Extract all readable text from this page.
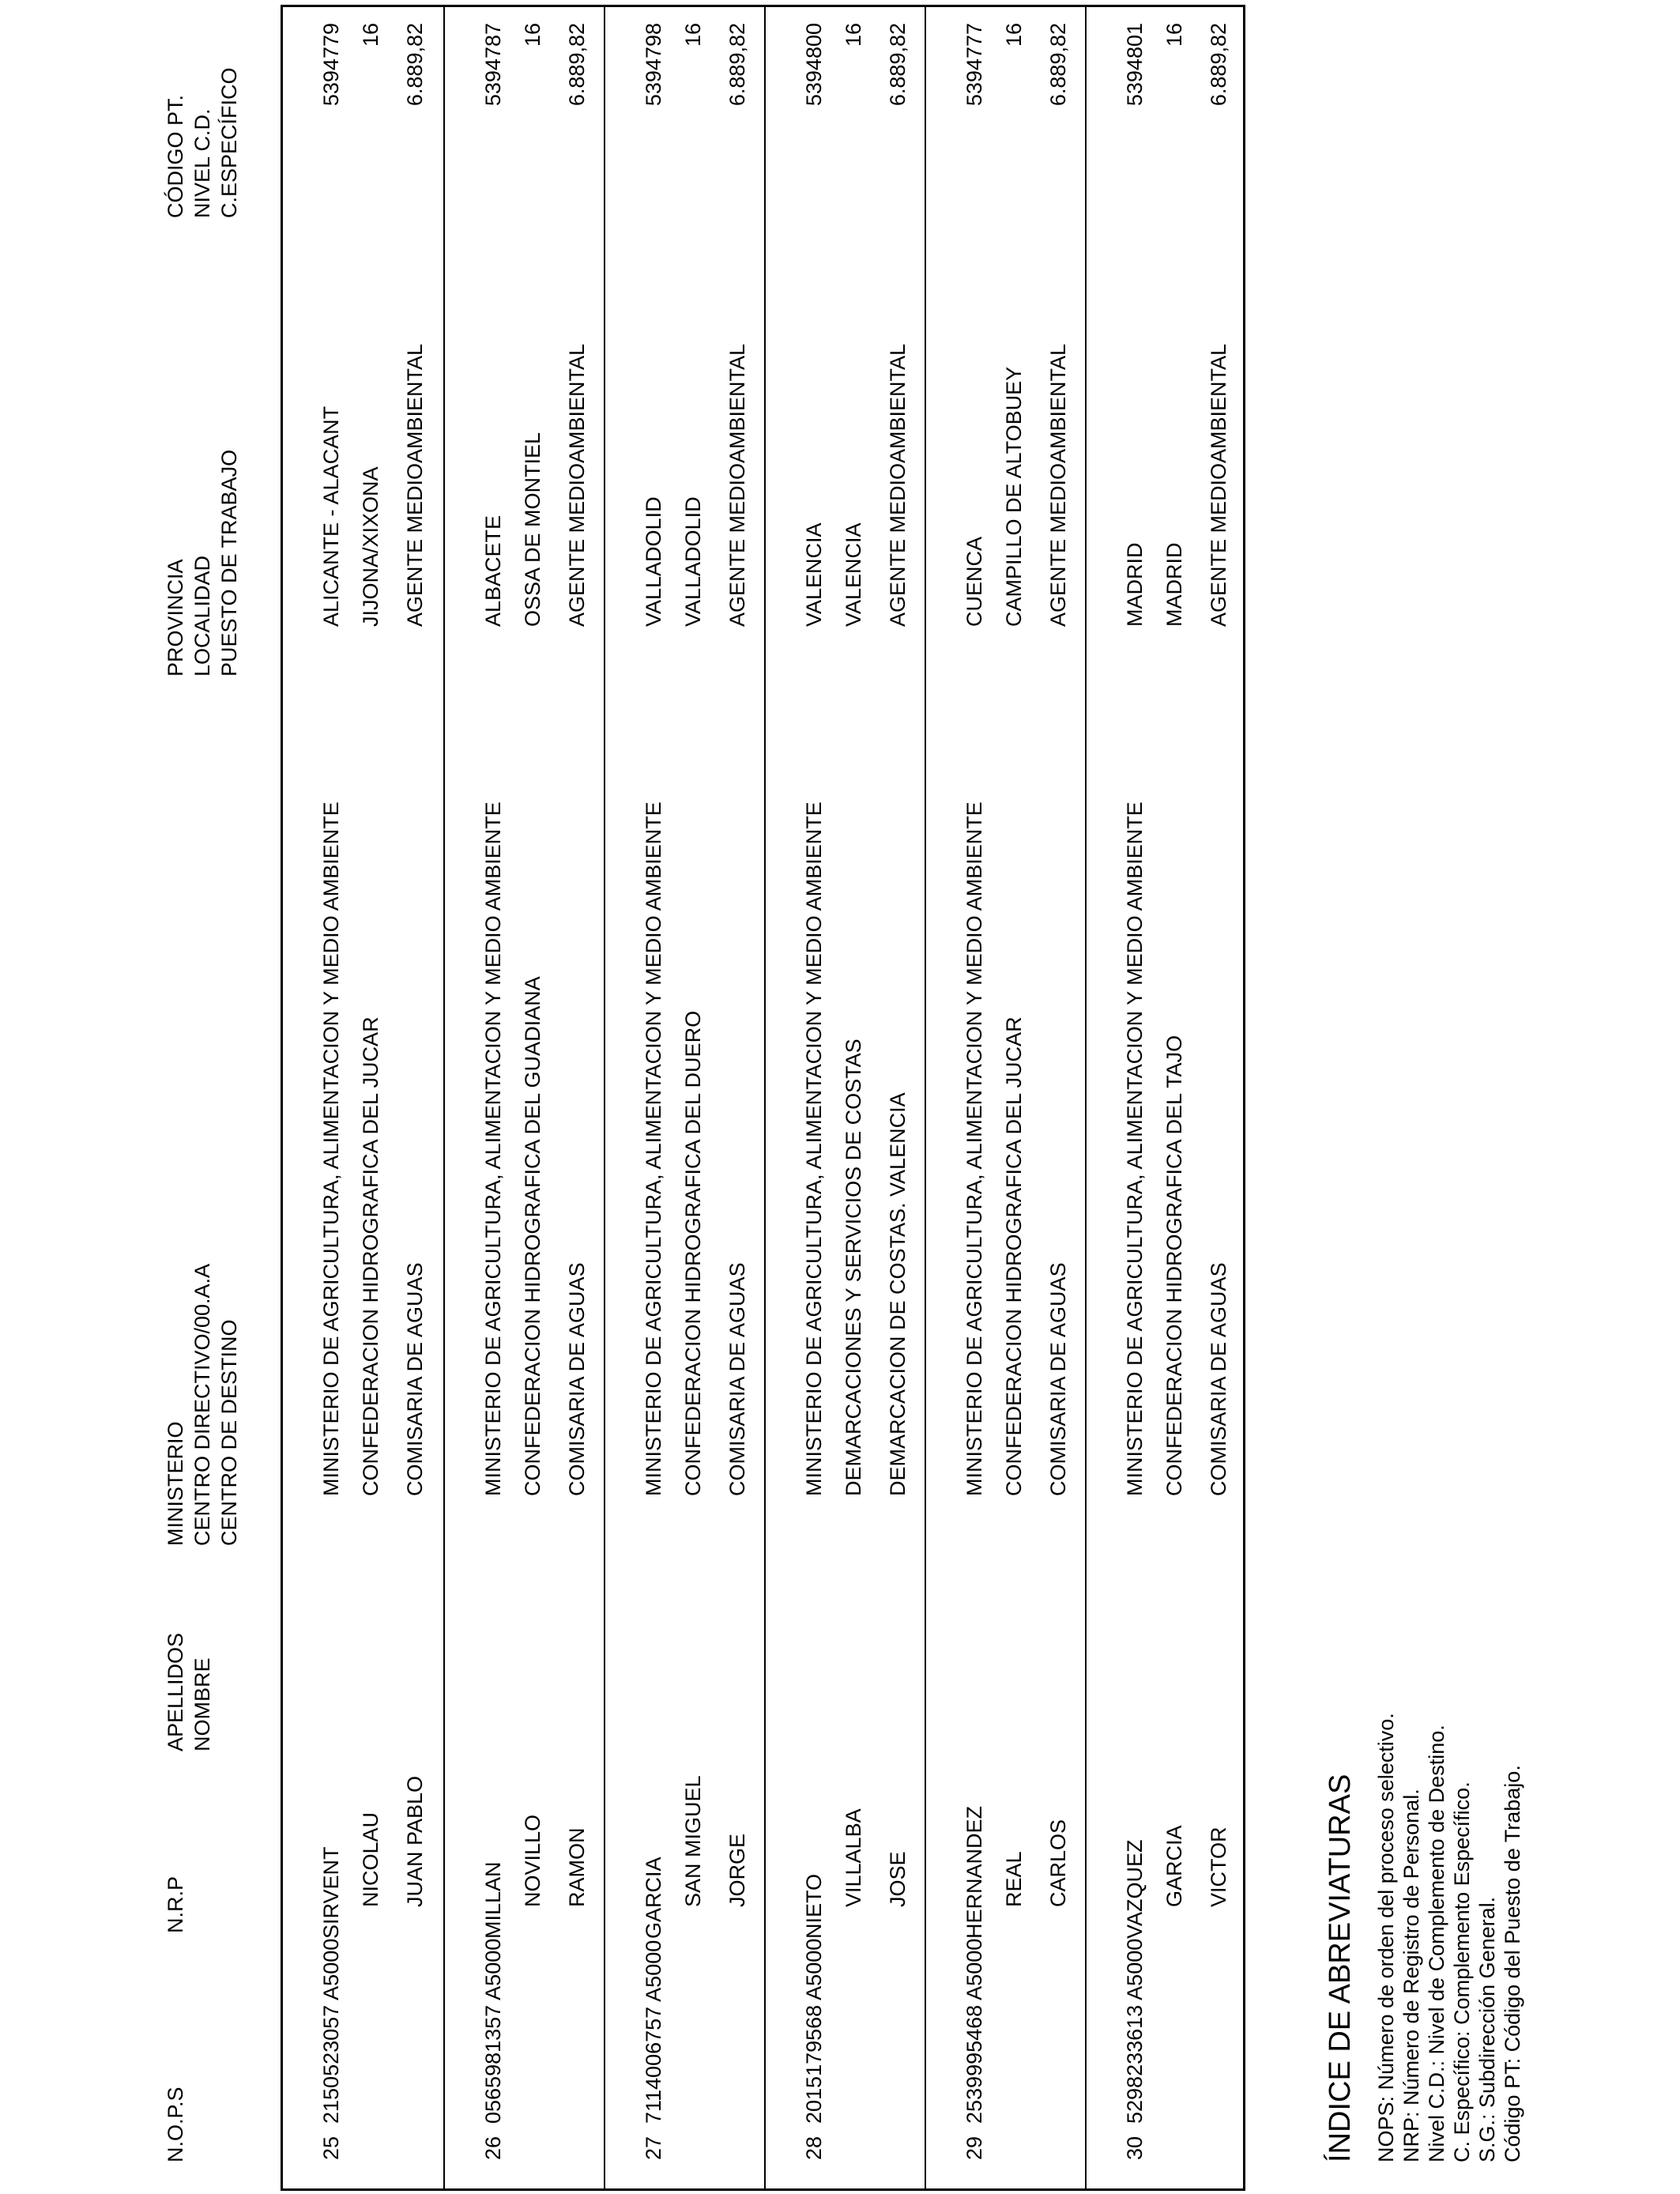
N.O.P.S
N.R.P
APELLIDOS NOMBRE
MINISTERIO CENTRO DIRECTIVO/00.A.A CENTRO DE DESTINO
PROVINCIA LOCALIDAD PUESTO DE TRABAJO
CÓDIGO PT. NIVEL C.D. C.ESPECÍFICO
25
2150523057 A5000
SIRVENT NICOLAU JUAN PABLO
MINISTERIO DE AGRICULTURA, ALIMENTACION Y MEDIO AMBIENTE CONFEDERACION HIDROGRAFICA DEL JUCAR COMISARIA DE AGUAS
ALICANTE - ALACANT JIJONA/XIXONA AGENTE MEDIOAMBIENTAL
5394779 16 6.889,82
26
0565981357 A5000
MILLAN NOVILLO RAMON
MINISTERIO DE AGRICULTURA, ALIMENTACION Y MEDIO AMBIENTE CONFEDERACION HIDROGRAFICA DEL GUADIANA COMISARIA DE AGUAS
ALBACETE OSSA DE MONTIEL AGENTE MEDIOAMBIENTAL
5394787 16 6.889,82
27
7114006757 A5000
GARCIA SAN MIGUEL JORGE
MINISTERIO DE AGRICULTURA, ALIMENTACION Y MEDIO AMBIENTE CONFEDERACION HIDROGRAFICA DEL DUERO COMISARIA DE AGUAS
VALLADOLID VALLADOLID AGENTE MEDIOAMBIENTAL
5394798 16 6.889,82
28
2015179568 A5000
NIETO VILLALBA JOSE
MINISTERIO DE AGRICULTURA, ALIMENTACION Y MEDIO AMBIENTE DEMARCACIONES Y SERVICIOS DE COSTAS DEMARCACION DE COSTAS. VALENCIA
VALENCIA VALENCIA AGENTE MEDIOAMBIENTAL
5394800 16 6.889,82
29
2539995468 A5000
HERNANDEZ REAL CARLOS
MINISTERIO DE AGRICULTURA, ALIMENTACION Y MEDIO AMBIENTE CONFEDERACION HIDROGRAFICA DEL JUCAR COMISARIA DE AGUAS
CUENCA CAMPILLO DE ALTOBUEY AGENTE MEDIOAMBIENTAL
5394777 16 6.889,82
30
5298233613 A5000
VAZQUEZ GARCIA VICTOR
MINISTERIO DE AGRICULTURA, ALIMENTACION Y MEDIO AMBIENTE CONFEDERACION HIDROGRAFICA DEL TAJO COMISARIA DE AGUAS
MADRID MADRID AGENTE MEDIOAMBIENTAL
5394801 16 6.889,82
ÍNDICE DE ABREVIATURAS NOPS: Número de orden del proceso selectivo. NRP: Número de Registro de Personal. Nivel C.D.: Nivel de Complemento de Destino. C. Específico: Complemento Específico. S.G.: Subdirección General. Código PT: Código del Puesto de Trabajo.
